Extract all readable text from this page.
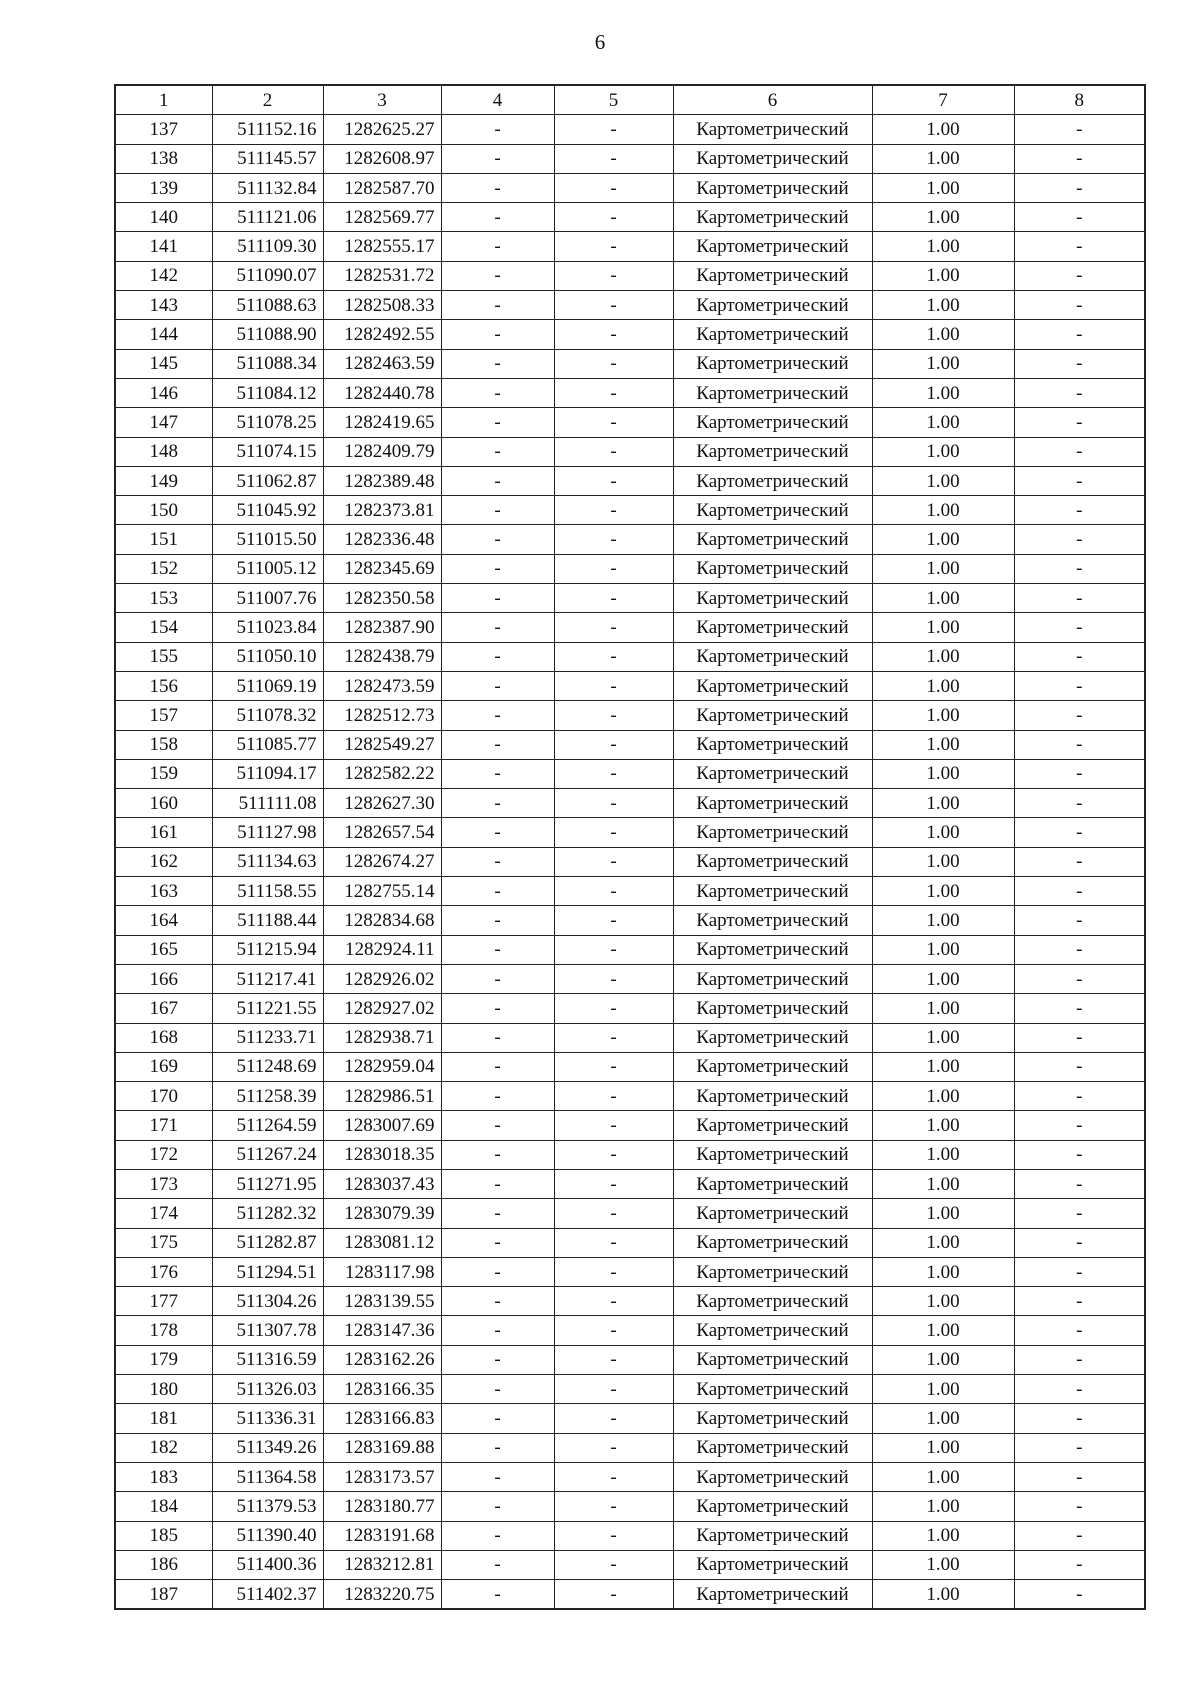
6
1	2	3	4	5	6	7	8
137	511152.16	1282625.27	-	-	Картометрический	1.00	-
138	511145.57	1282608.97	-	-	Картометрический	1.00	-
139	511132.84	1282587.70	-	-	Картометрический	1.00	-
140	511121.06	1282569.77	-	-	Картометрический	1.00	-
141	511109.30	1282555.17	-	-	Картометрический	1.00	-
142	511090.07	1282531.72	-	-	Картометрический	1.00	-
143	511088.63	1282508.33	-	-	Картометрический	1.00	-
144	511088.90	1282492.55	-	-	Картометрический	1.00	-
145	511088.34	1282463.59	-	-	Картометрический	1.00	-
146	511084.12	1282440.78	-	-	Картометрический	1.00	-
147	511078.25	1282419.65	-	-	Картометрический	1.00	-
148	511074.15	1282409.79	-	-	Картометрический	1.00	-
149	511062.87	1282389.48	-	-	Картометрический	1.00	-
150	511045.92	1282373.81	-	-	Картометрический	1.00	-
151	511015.50	1282336.48	-	-	Картометрический	1.00	-
152	511005.12	1282345.69	-	-	Картометрический	1.00	-
153	511007.76	1282350.58	-	-	Картометрический	1.00	-
154	511023.84	1282387.90	-	-	Картометрический	1.00	-
155	511050.10	1282438.79	-	-	Картометрический	1.00	-
156	511069.19	1282473.59	-	-	Картометрический	1.00	-
157	511078.32	1282512.73	-	-	Картометрический	1.00	-
158	511085.77	1282549.27	-	-	Картометрический	1.00	-
159	511094.17	1282582.22	-	-	Картометрический	1.00	-
160	511111.08	1282627.30	-	-	Картометрический	1.00	-
161	511127.98	1282657.54	-	-	Картометрический	1.00	-
162	511134.63	1282674.27	-	-	Картометрический	1.00	-
163	511158.55	1282755.14	-	-	Картометрический	1.00	-
164	511188.44	1282834.68	-	-	Картометрический	1.00	-
165	511215.94	1282924.11	-	-	Картометрический	1.00	-
166	511217.41	1282926.02	-	-	Картометрический	1.00	-
167	511221.55	1282927.02	-	-	Картометрический	1.00	-
168	511233.71	1282938.71	-	-	Картометрический	1.00	-
169	511248.69	1282959.04	-	-	Картометрический	1.00	-
170	511258.39	1282986.51	-	-	Картометрический	1.00	-
171	511264.59	1283007.69	-	-	Картометрический	1.00	-
172	511267.24	1283018.35	-	-	Картометрический	1.00	-
173	511271.95	1283037.43	-	-	Картометрический	1.00	-
174	511282.32	1283079.39	-	-	Картометрический	1.00	-
175	511282.87	1283081.12	-	-	Картометрический	1.00	-
176	511294.51	1283117.98	-	-	Картометрический	1.00	-
177	511304.26	1283139.55	-	-	Картометрический	1.00	-
178	511307.78	1283147.36	-	-	Картометрический	1.00	-
179	511316.59	1283162.26	-	-	Картометрический	1.00	-
180	511326.03	1283166.35	-	-	Картометрический	1.00	-
181	511336.31	1283166.83	-	-	Картометрический	1.00	-
182	511349.26	1283169.88	-	-	Картометрический	1.00	-
183	511364.58	1283173.57	-	-	Картометрический	1.00	-
184	511379.53	1283180.77	-	-	Картометрический	1.00	-
185	511390.40	1283191.68	-	-	Картометрический	1.00	-
186	511400.36	1283212.81	-	-	Картометрический	1.00	-
187	511402.37	1283220.75	-	-	Картометрический	1.00	-
